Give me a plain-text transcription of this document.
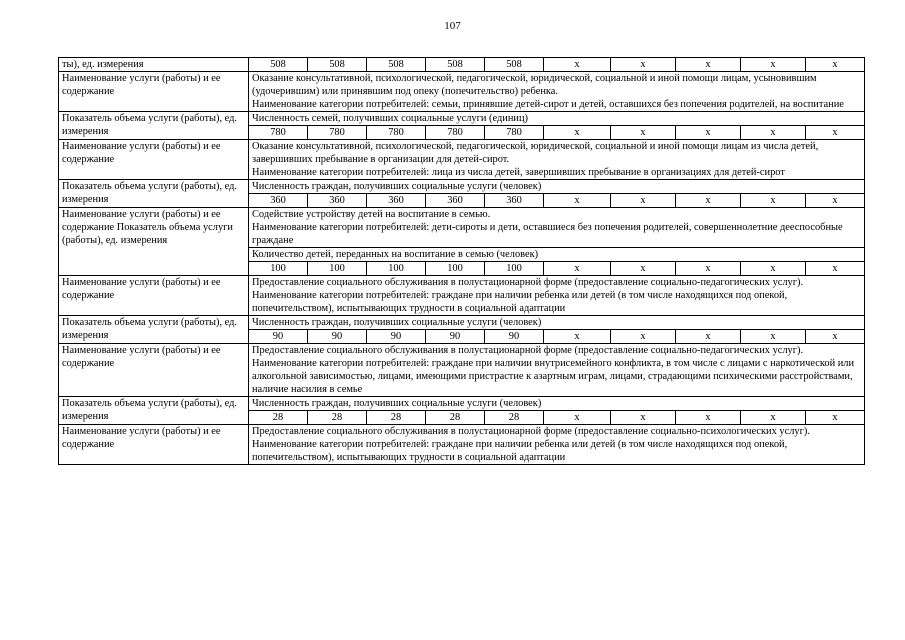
107
ты), ед. измерения	508	508	508	508	508	x	x	x	x	x
Наименование услуги (работы) и ее содержание	Оказание консультативной, психологической, педагогической, юридической, социальной и иной помощи лицам, усыновившим (удочерившим) или принявшим под опеку (попечительство) ребенка.
Наименование категории потребителей: семьи, принявшие детей-сирот и детей, оставшихся без попечения родителей, на воспитание									

Показатель объема услуги (работы), ед. измерения	Численность семей, получивших социальные услуги (единиц)									
	780	780	780	780	780	x	x	x	x	x
Наименование услуги (работы) и ее содержание	Оказание консультативной, психологической, педагогической, юридической, социальной и иной помощи лицам из числа детей, завершивших пребывание в организации для детей-сирот.
Наименование категории потребителей: лица из числа детей, завершивших пребывание в организациях для детей-сирот									

Показатель объема услуги (работы), ед. измерения	Численность граждан, получивших социальные услуги (человек)									
	360	360	360	360	360	x	x	x	x	x
Наименование услуги (работы) и ее содержание Показатель объема услуги (работы), ед. измерения	Содействие устройству детей на воспитание в семью.
Наименование категории потребителей: дети-сироты и дети, оставшиеся без попечения родителей, совершеннолетние дееспособные граждане									

	Количество детей, переданных на воспитание в семью (человек)									
	100	100	100	100	100	x	x	x	x	x
Наименование услуги (работы) и ее содержание	Предоставление социального обслуживания в полустационарной форме (предоставление социально-педагогических услуг).
Наименование категории потребителей: граждане при наличии ребенка или детей (в том числе находящихся под опекой, попечительством), испытывающих трудности в социальной адаптации									

Показатель объема услуги (работы), ед. измерения	Численность граждан, получивших социальные услуги (человек)									
	90	90	90	90	90	x	x	x	x	x
Наименование услуги (работы) и ее содержание	Предоставление социального обслуживания в полустационарной форме (предоставление социально-педагогических услуг).
Наименование категории потребителей: граждане при наличии внутрисемейного конфликта, в том числе с лицами с наркотической или алкогольной зависимостью, лицами, имеющими пристрастие к азартным играм, лицами, страдающими психическими расстройствами, наличие насилия в семье									

Показатель объема услуги (работы), ед. измерения	Численность граждан, получивших социальные услуги (человек)									
	28	28	28	28	28	x	x	x	x	x
Наименование услуги (работы) и ее содержание	Предоставление социального обслуживания в полустационарной форме (предоставление социально-психологических услуг).
Наименование категории потребителей: граждане при наличии ребенка или детей (в том числе находящихся под опекой, попечительством), испытывающих трудности в социальной адаптации									
